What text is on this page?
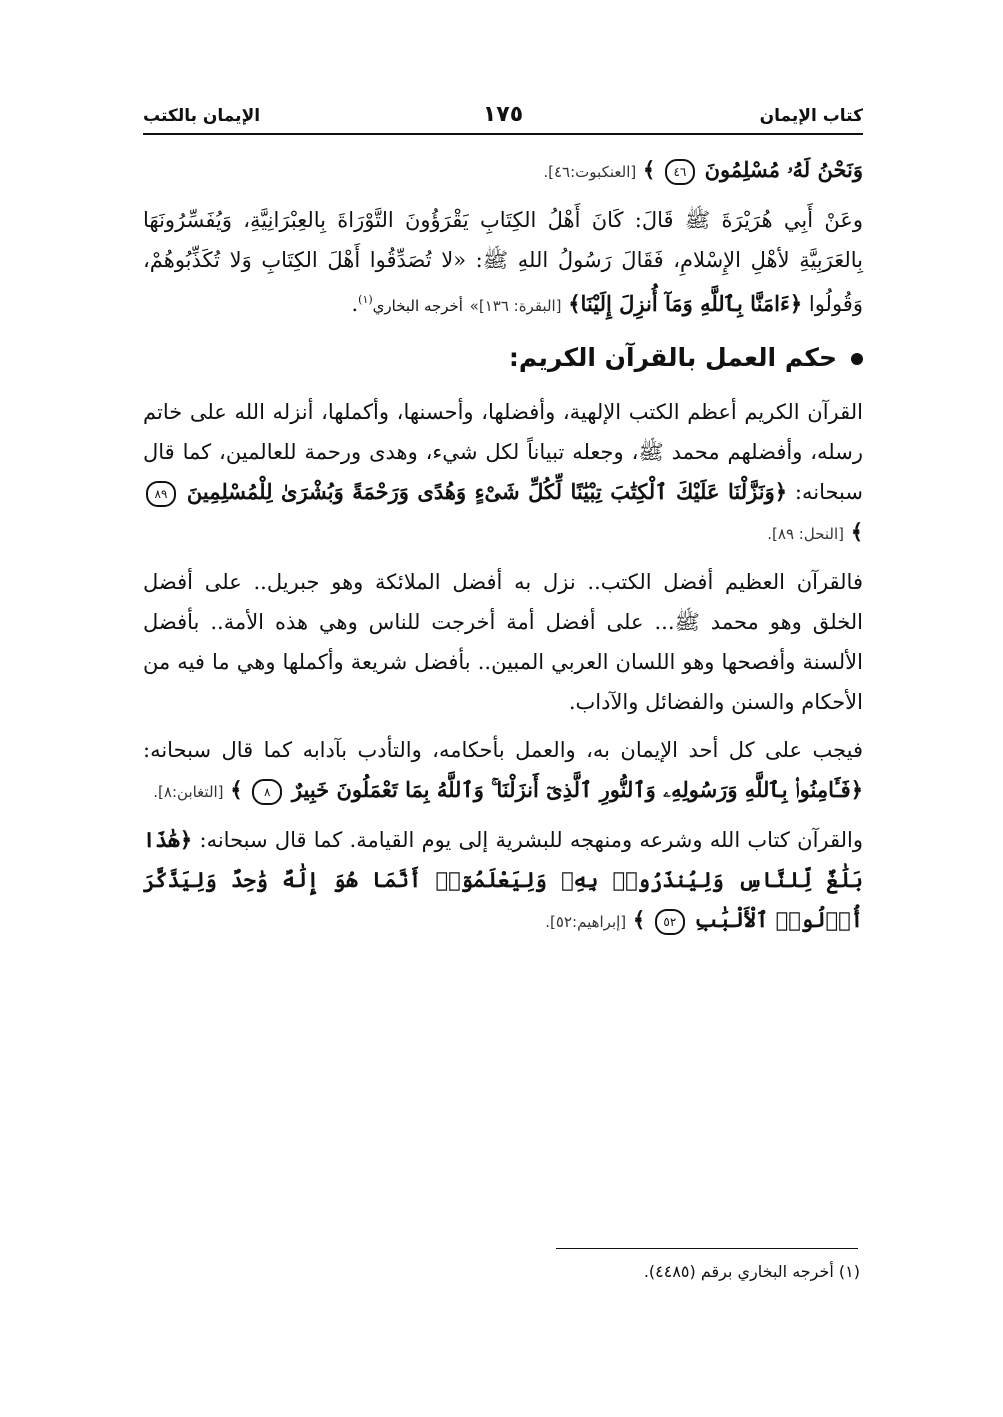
كتاب الإيمان
١٧٥
الإيمان بالكتب

وَنَحْنُ لَهُۥ مُسْلِمُونَ ٤٦ ﴾ [العنكبوت:٤٦].

وعَنْ أَبِي هُرَيْرَةَ ﷺ قَالَ: كَانَ أَهْلُ الكِتَابِ يَقْرَؤُونَ التَّوْرَاةَ بِالعِبْرَانِيَّةِ، وَيُفَسِّرُونَهَا بِالعَرَبِيَّةِ لأهْلِ الإِسْلامِ، فَقَالَ رَسُولُ اللهِ ﷺ: «لا تُصَدِّقُوا أَهْلَ الكِتَابِ وَلا تُكَذِّبُوهُمْ، وَقُولُوا ﴿ءَامَنَّا بِٱللَّهِ وَمَآ أُنزِلَ إِلَيْنَا﴾ [البقرة: ١٣٦]» أخرجه البخاري$^{(١)}$.

حكم العمل بالقرآن الكريم:

القرآن الكريم أعظم الكتب الإلهية، وأفضلها، وأحسنها، وأكملها، أنزله الله على خاتم رسله، وأفضلهم محمد ﷺ، وجعله تبياناً لكل شيء، وهدى ورحمة للعالمين، كما قال سبحانه: ﴿وَنَزَّلْنَا عَلَيْكَ ٱلْكِتَٰبَ تِبْيَٰنًا لِّكُلِّ شَىْءٍ وَهُدًى وَرَحْمَةً وَبُشْرَىٰ لِلْمُسْلِمِينَ ٨٩ ﴾ [النحل: ٨٩].

فالقرآن العظيم أفضل الكتب.. نزل به أفضل الملائكة وهو جبريل.. على أفضل الخلق وهو محمد ﷺ... على أفضل أمة أخرجت للناس وهي هذه الأمة.. بأفضل الألسنة وأفصحها وهو اللسان العربي المبين.. بأفضل شريعة وأكملها وهي ما فيه من الأحكام والسنن والفضائل والآداب.

فيجب على كل أحد الإيمان به، والعمل بأحكامه، والتأدب بآدابه كما قال سبحانه: ﴿فَـَٔامِنُوا۟ بِٱللَّهِ وَرَسُولِهِۦ وَٱلنُّورِ ٱلَّذِىٓ أَنزَلْنَا ۚ وَٱللَّهُ بِمَا تَعْمَلُونَ خَبِيرٌ ٨ ﴾ [التغابن:٨].

والقرآن كتاب الله وشرعه ومنهجه للبشرية إلى يوم القيامة. كما قال سبحانه: ﴿هَٰذَا بَلَٰغٌ لِّلنَّاسِ وَلِيُنذَرُوا۟ بِهِۦ وَلِيَعْلَمُوٓا۟ أَنَّمَا هُوَ إِلَٰهٌ وَٰحِدٌ وَلِيَذَّكَّرَ أُو۟لُوا۟ ٱلْأَلْبَٰبِ ٥٢ ﴾ [إبراهيم:٥٢].

(١) أخرجه البخاري برقم (٤٤٨٥).
